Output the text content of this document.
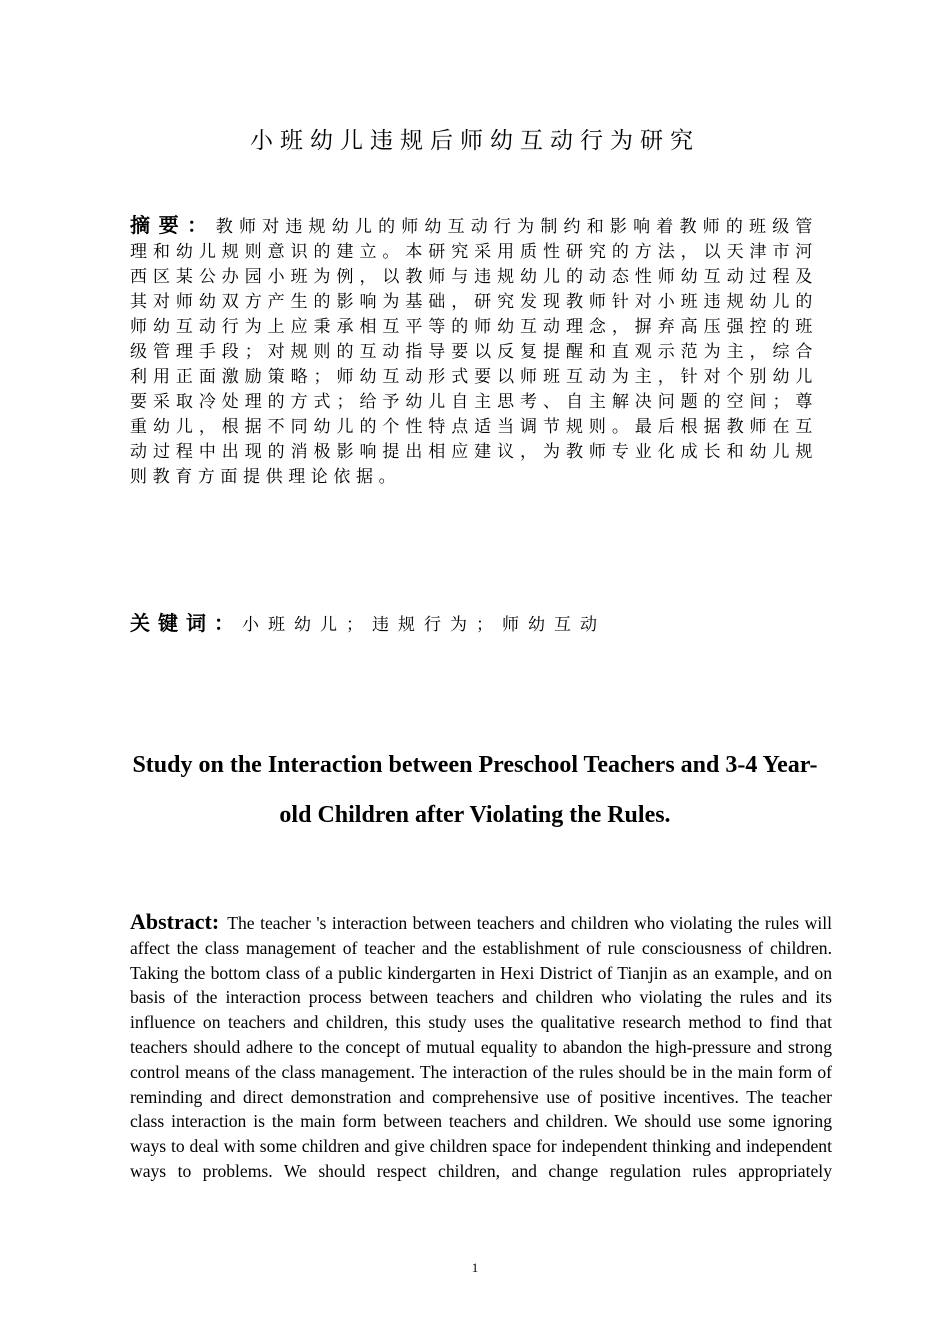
小班幼儿违规后师幼互动行为研究

摘要：教师对违规幼儿的师幼互动行为制约和影响着教师的班级管理和幼儿规则意识的建立。本研究采用质性研究的方法，以天津市河西区某公办园小班为例，以教师与违规幼儿的动态性师幼互动过程及其对师幼双方产生的影响为基础，研究发现教师针对小班违规幼儿的师幼互动行为上应秉承相互平等的师幼互动理念，摒弃高压强控的班级管理手段；对规则的互动指导要以反复提醒和直观示范为主，综合利用正面激励策略；师幼互动形式要以师班互动为主，针对个别幼儿要采取冷处理的方式；给予幼儿自主思考、自主解决问题的空间；尊重幼儿，根据不同幼儿的个性特点适当调节规则。最后根据教师在互动过程中出现的消极影响提出相应建议，为教师专业化成长和幼儿规则教育方面提供理论依据。

关键词：小班幼儿；违规行为；师幼互动

Study on the Interaction between Preschool Teachers and 3-4 Year-old Children after Violating the Rules.

Abstract: The teacher 's interaction between teachers and children who violating the rules will affect the class management of teacher and the establishment of rule consciousness of children. Taking the bottom class of a public kindergarten in Hexi District of Tianjin as an example, and on basis of the interaction process between teachers and children who violating the rules and its influence on teachers and children, this study uses the qualitative research method to find that teachers should adhere to the concept of mutual equality to abandon the high-pressure and strong control means of the class management. The interaction of the rules should be in the main form of reminding and direct demonstration and comprehensive use of positive incentives. The teacher class interaction is the main form between teachers and children. We should use some ignoring ways to deal with some children and give children space for independent thinking and independent ways to problems. We should respect children, and change regulation rules appropriately

1
